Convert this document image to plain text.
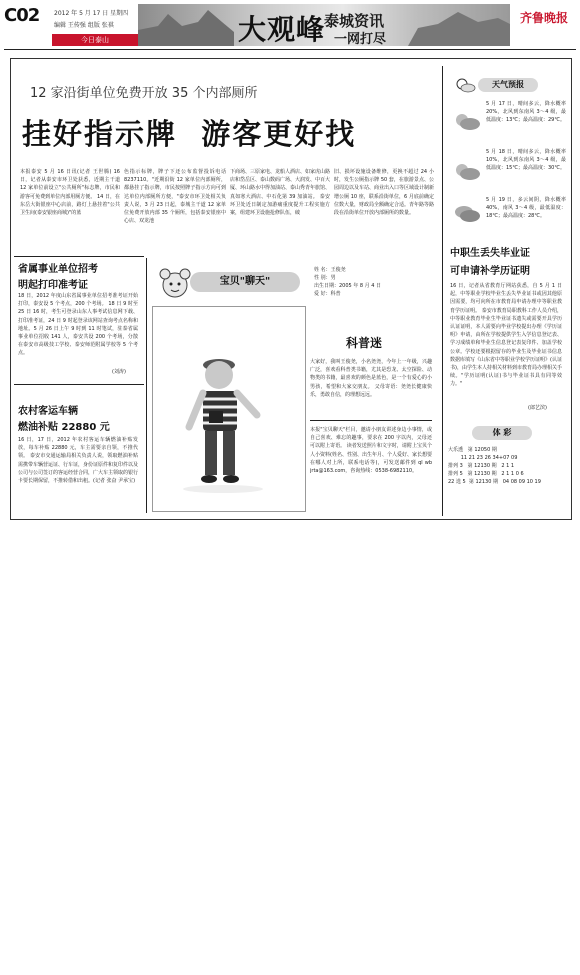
C02 2012 年 5 月 17 日 星期四
编辑 王传强 组版 张祺
今日泰山	大观峰
泰城资讯
一网打尽
齐鲁晚报
12 家沿街单位免费开放 35 个内部厕所
挂好指示牌  游客更好找
本报泰安 5 月 16 日讯(记者 王世腾) 16 日，记者从泰安市环卫处获悉，近期主干道 12 家单位前设立"公共厕所"标志牌，市民和游客可免费到单位内部用厕方便。 14 日，在东岳大街银座中心店前，路灯上悬挂着"公共卫生间(泰安银座商城)"的蓝
色指示标牌，牌子下还公布监督投诉电话 8237110。"近期沿街 12 家单位内部厕所，都悬挂了指示牌，市民按照牌子指示方向可到达单位内部厕所方便，"泰安市环卫处相关负责人说，3 月 23 日起，泰城主干道 12 家单位免费开放内部 35 个厕所，包括泰安银座中心店、双龙池
下商场、三原家电、龙船人酒店、如家虎山路店和岱岳区、泰山数码广场、大润发、中百大厦、环山路水中得加油站、泰山秀青年旅馆、真如寒大酒店、中石化第 39 加油站。 泰安环卫处近日制定加游痛重度提升工程实施方案，组建环卫设施抢修队伍，破
旧、损坏设施设备维修，更换不超过 24 小时，发生公厕指示牌 50 套，在旅游景点、公园周边以及车站、商业出入口等区域设计制新增公厕 10 座，联系沿街单位，6 月底前确定位数大量，财政局全额确定合适。青年路等路段在沿街单位开放内部厕所的数量。
天气预报
5 月 17 日，晴间多云，降水概率 20%，北风到东南风 3～4 级，最低温度：13℃；最高温度：29℃。
5 月 18 日，晴间多云，降水概率 10%，北风到东南风 3～4 级，最低温度：15℃；最高温度：30℃。
5 月 19 日，多云间阴，降水概率 40%，南风 3～4 级，最低温度：18℃；最高温度：28℃。
中职生丢失毕业证
可申请补学历证明
16 日，记者从省教育厅网站获悉，自 5 月 1 日起，中等职业学校毕业生丢失毕业证书或因其他原因需要，均可向所在市教育局申请办理中等职业教育学历证明。 泰安市教育局职教科工作人员介绍，中等职业教育毕业生毕业证书遗失或需要开具学历认证证明，本人需要向毕业学校提出办理《学历证明》申请，由所在学校提供学生入学信息登记表、学习成绩单和毕业生信息登记表复印件、加盖学校公章。学校还要根据留存的毕业生及毕业证书信息数据库填写《山东省中等职业学校学历证明》(认证书)，由学生本人持相关材料到市教育局办理相关手续。"学历证明(认证)书与毕业证书具有同等效力。"
(郎艺滨)
体 彩
大乐透   第 12050 期
11 21 23 26 34+07 09
排列 3   第 12130 期   2 1 1
排列 5   第 12130 期   2 1 1 0 6
22 选 5  第 12130 期   04 08 09 10 19
省属事业单位招考
明起打印准考证
18 日，2012 年度山东省属事业单位招考准考证开始打印，泰安设 5 个考点，200 个考场。 18 日 9 时至 25 日 16 时，考生可登录山东人事考试信息网下载、打印准考证，24 日 9 时起登录该网站查询考点名称和地址。5 月 26 日上午 9 时到 11 时笔试，驻泰省属事业单位招收 141 人，泰安共设 200 个考场，分散在泰安市高级技工学校、泰安师范附属学校等 5 个考点。
(刘涛)
农村客运车辆
燃油补贴 22880 元
16 日，17 日，2012 年农村客运车辆燃油补贴发放，每车补贴 22880 元，车主需要亲自领，不推代领。 泰安市交通运输局相关负责人说，领取燃油补贴需携带车辆营运证、行车证，身份证原件和复印件以及公司与公司签订的客运经营合同，广大车主领取的银行卡要长期保留，不推转借和出租。(记者 张奋 尹承宝)
宝贝"聊天"
姓 名：王俊尧
性 别：男
出生日期：2005 年 8 月 4 日
爱 好：科普
科普迷
大家好，我叫王俊尧，小名尧尧，今年上一年级，兴趣广泛，喜欢看科普类书籍，尤其是恐龙、太空探险、动物类的书籍，最喜欢的颜色是蓝色，是一个有爱心的小男孩，希望和大家交朋友。 父母寄语：尧尧长健康快乐，勇敢自信，的理想远远。
本报"宝贝聊天"栏目，邀请小朋友讲述身边小事情，或自己喜欢、难忘的趣事，要求在 200 字以内，父母还可以附上寄语。 读者发送照片和文字时，请附上宝贝个人小资料(姓名、性别、出生年月、个人爱好、家长想要在哪人对上所，联系电话等)，可发送邮件到 ql wb jrta@163.com，咨询热线：0538-6982110。
